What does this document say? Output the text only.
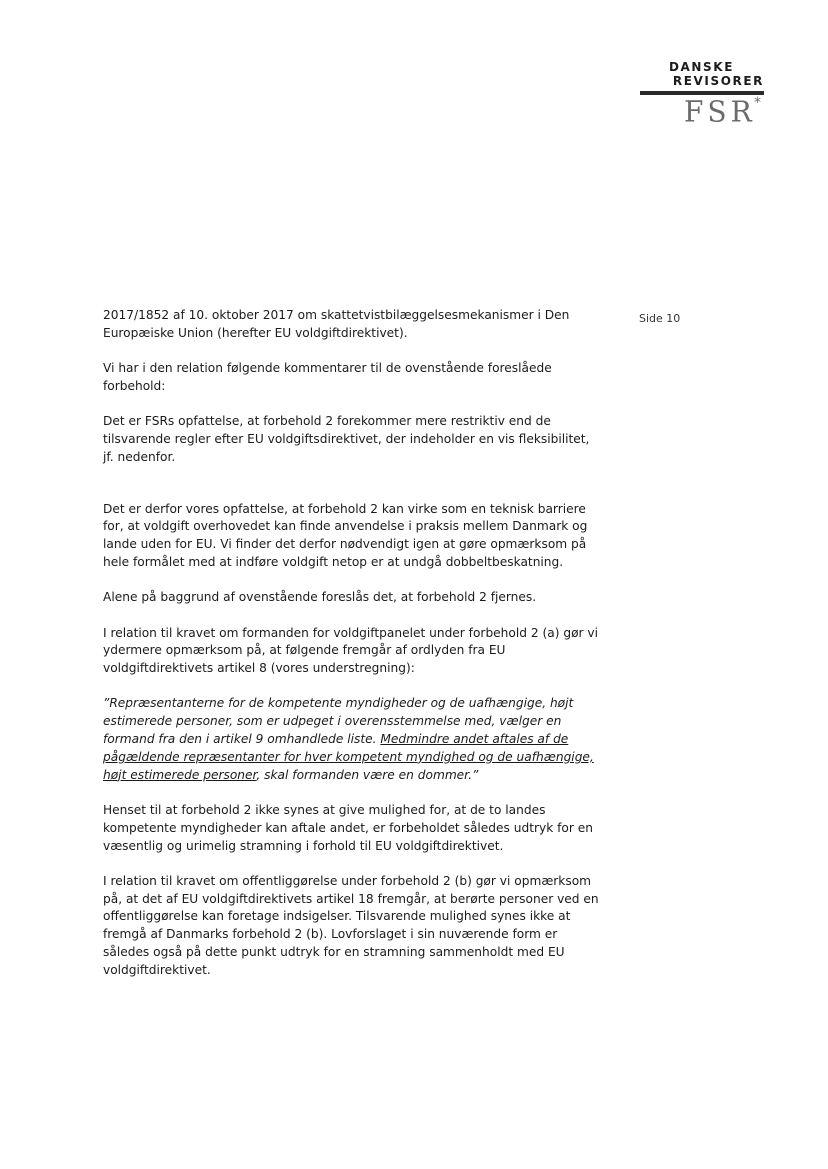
DANSKE
REVISORER
FSR
*
Side 10

2017/1852 af 10. oktober 2017 om skattetvistbilæggelsesmekanismer i Den Europæiske Union (herefter EU voldgiftdirektivet).

Vi har i den relation følgende kommentarer til de ovenstående foreslåede forbehold:

Det er FSRs opfattelse, at forbehold 2 forekommer mere restriktiv end de tilsvarende regler efter EU voldgiftsdirektivet, der indeholder en vis fleksibilitet, jf. nedenfor.

Det er derfor vores opfattelse, at forbehold 2 kan virke som en teknisk barriere for, at voldgift overhovedet kan finde anvendelse i praksis mellem Danmark og lande uden for EU. Vi finder det derfor nødvendigt igen at gøre opmærksom på hele formålet med at indføre voldgift netop er at undgå dobbeltbeskatning.

Alene på baggrund af ovenstående foreslås det, at forbehold 2 fjernes.

I relation til kravet om formanden for voldgiftpanelet under forbehold 2 (a) gør vi ydermere opmærksom på, at følgende fremgår af ordlyden fra EU voldgiftdirektivets artikel 8 (vores understregning):

”Repræsentanterne for de kompetente myndigheder og de uafhængige, højt estimerede personer, som er udpeget i overensstemmelse med, vælger en formand fra den i artikel 9 omhandlede liste. Medmindre andet aftales af de pågældende repræsentanter for hver kompetent myndighed og de uafhængige, højt estimerede personer, skal formanden være en dommer.”

Henset til at forbehold 2 ikke synes at give mulighed for, at de to landes kompetente myndigheder kan aftale andet, er forbeholdet således udtryk for en væsentlig og urimelig stramning i forhold til EU voldgiftdirektivet.

I relation til kravet om offentliggørelse under forbehold 2 (b) gør vi opmærksom på, at det af EU voldgiftdirektivets artikel 18 fremgår, at berørte personer ved en offentliggørelse kan foretage indsigelser. Tilsvarende mulighed synes ikke at fremgå af Danmarks forbehold 2 (b). Lovforslaget i sin nuværende form er således også på dette punkt udtryk for en stramning sammenholdt med EU voldgiftdirektivet.
